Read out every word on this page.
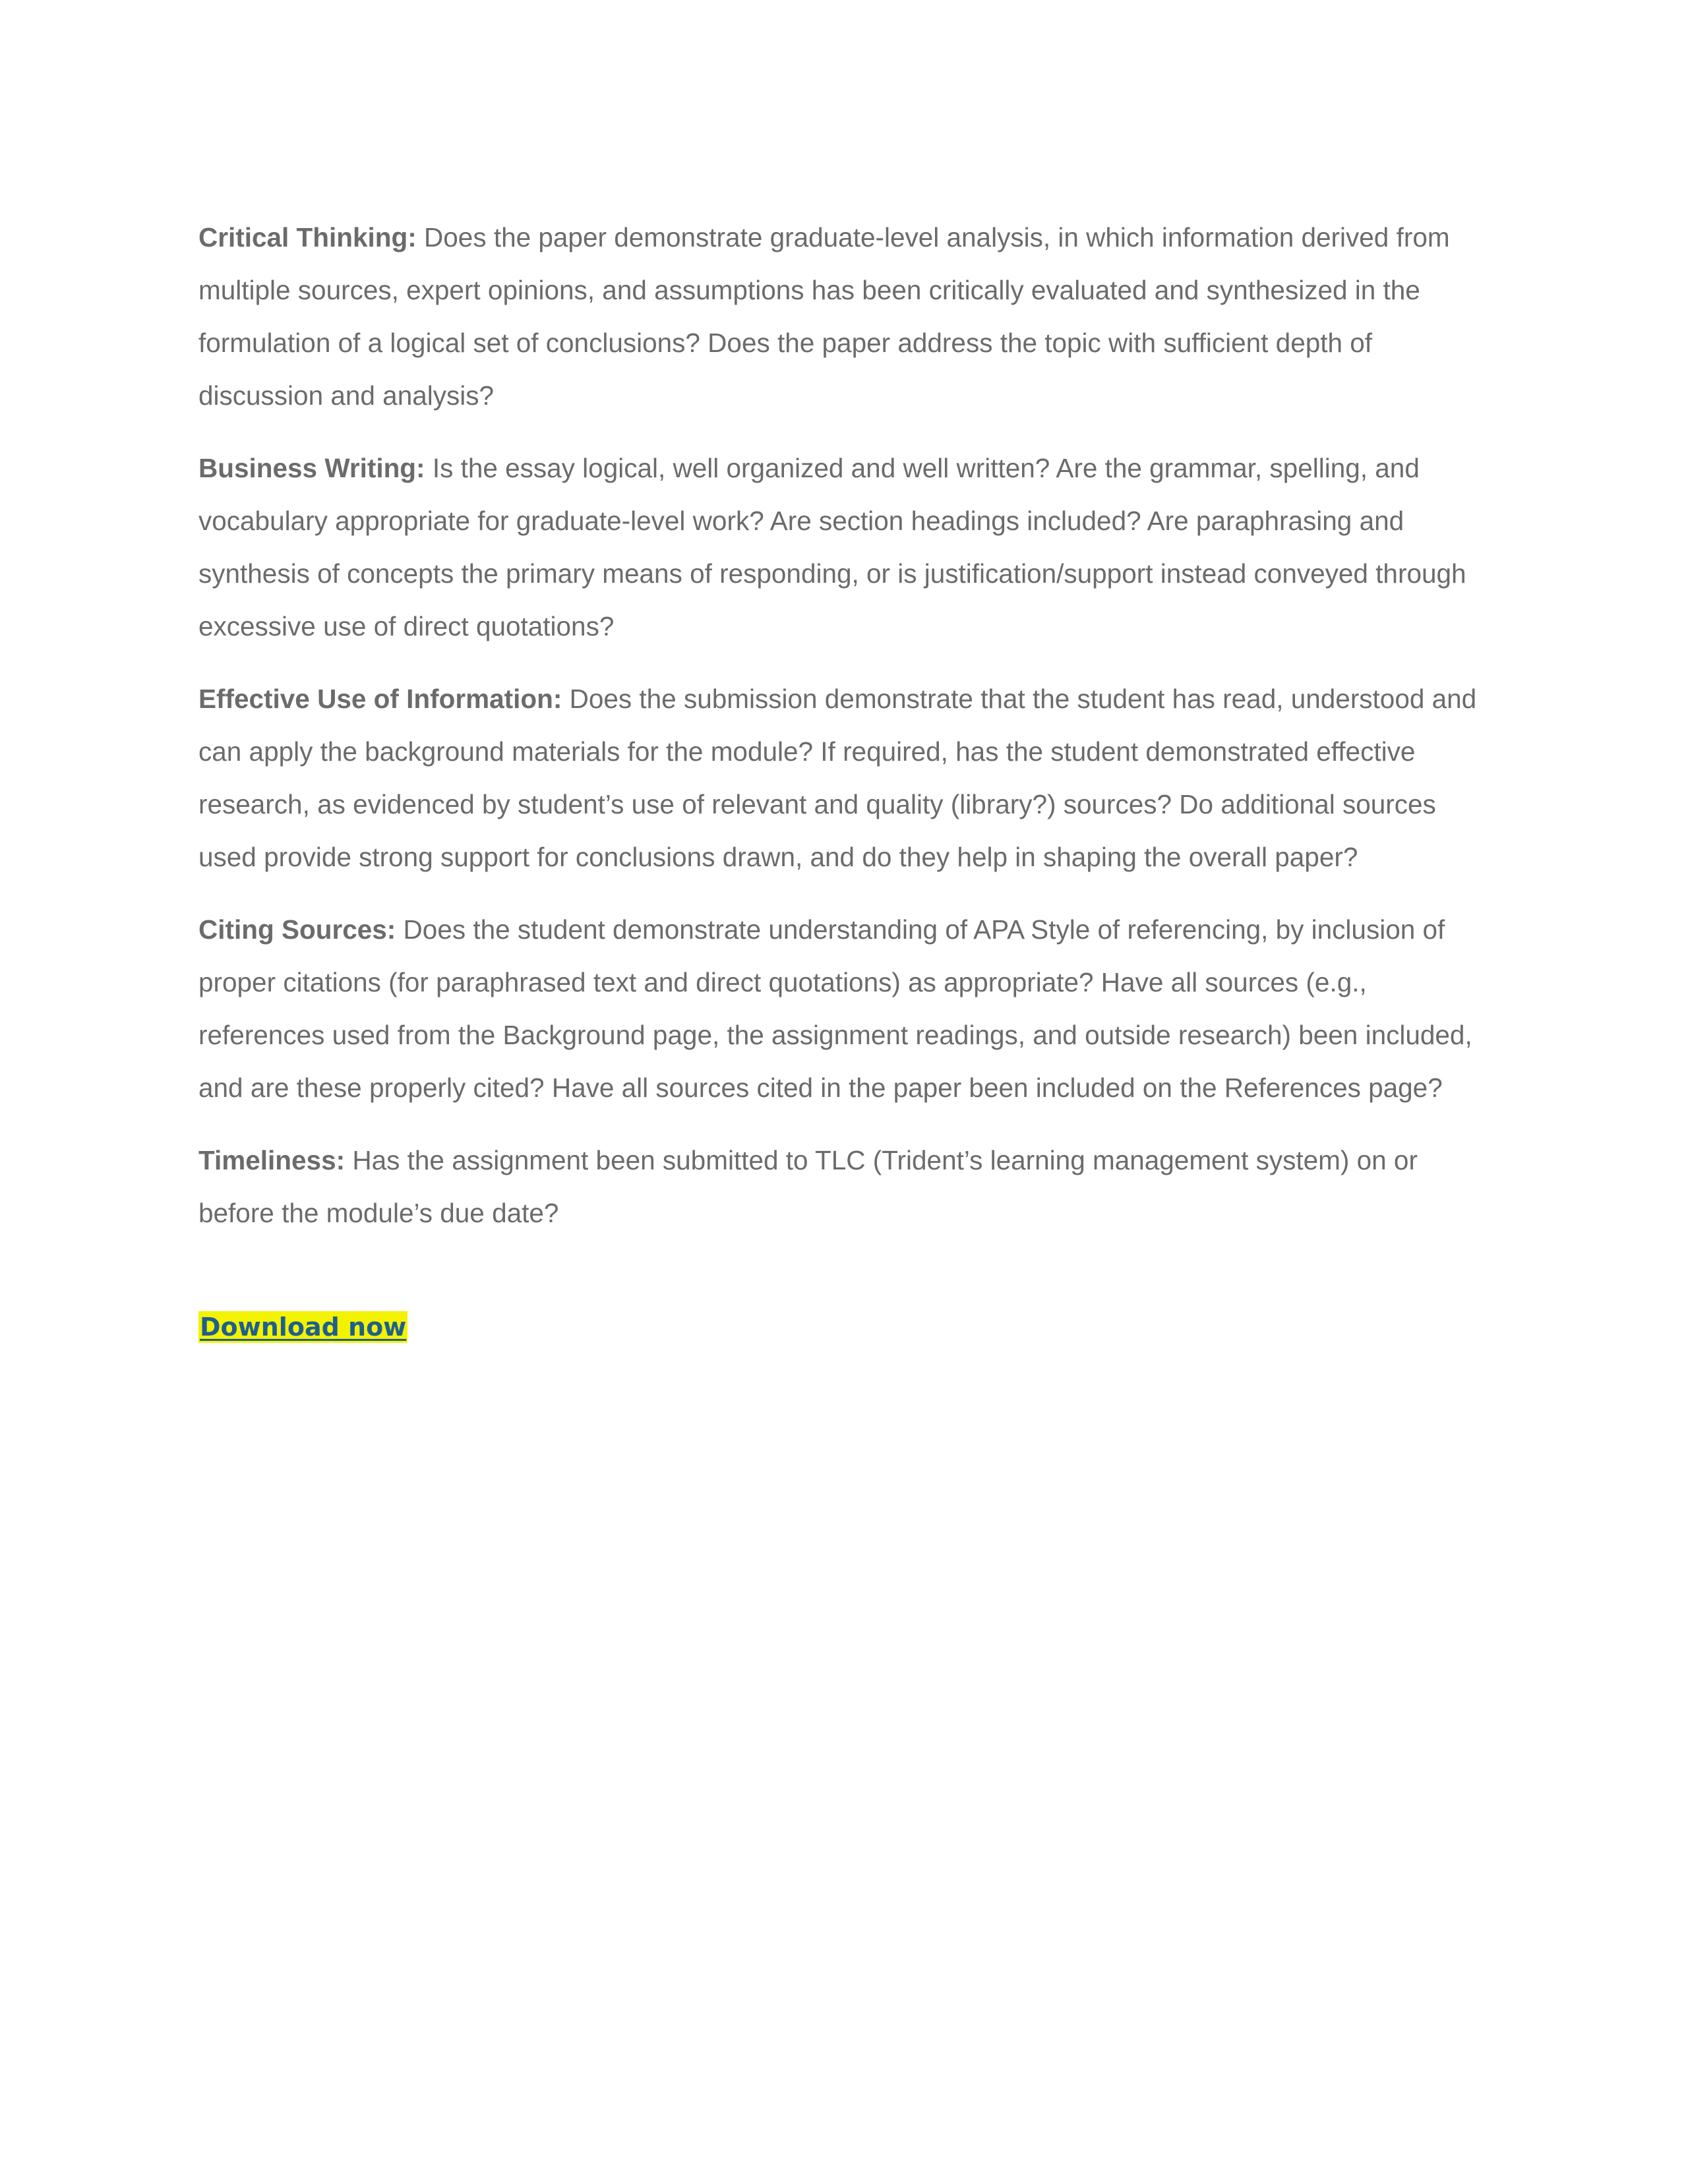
Critical Thinking: Does the paper demonstrate graduate-level analysis, in which information derived from multiple sources, expert opinions, and assumptions has been critically evaluated and synthesized in the formulation of a logical set of conclusions? Does the paper address the topic with sufficient depth of discussion and analysis?

Business Writing: Is the essay logical, well organized and well written? Are the grammar, spelling, and vocabulary appropriate for graduate-level work? Are section headings included? Are paraphrasing and synthesis of concepts the primary means of responding, or is justification/support instead conveyed through excessive use of direct quotations?

Effective Use of Information: Does the submission demonstrate that the student has read, understood and can apply the background materials for the module? If required, has the student demonstrated effective research, as evidenced by student’s use of relevant and quality (library?) sources? Do additional sources used provide strong support for conclusions drawn, and do they help in shaping the overall paper?

Citing Sources: Does the student demonstrate understanding of APA Style of referencing, by inclusion of proper citations (for paraphrased text and direct quotations) as appropriate? Have all sources (e.g., references used from the Background page, the assignment readings, and outside research) been included, and are these properly cited? Have all sources cited in the paper been included on the References page?

Timeliness: Has the assignment been submitted to TLC (Trident’s learning management system) on or before the module’s due date?

Download now
